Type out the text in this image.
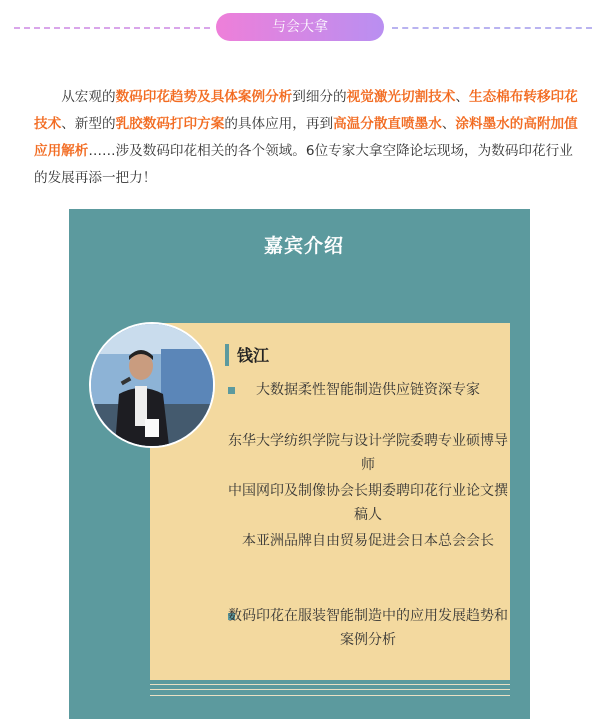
与会大拿

从宏观的数码印花趋势及具体案例分析到细分的视觉激光切割技术、生态棉布转移印花技术、新型的乳胶数码打印方案的具体应用，再到高温分散直喷墨水、涂料墨水的高附加值应用解析……涉及数码印花相关的各个领域。6位专家大拿空降论坛现场，为数码印花行业的发展再添一把力！

嘉宾介绍
钱江
大数据柔性智能制造供应链资深专家
东华大学纺织学院与设计学院委聘专业硕博导师
中国网印及制像协会长期委聘印花行业论文撰稿人
本亚洲品牌自由贸易促进会日本总会会长
数码印花在服装智能制造中的应用发展趋势和案例分析
